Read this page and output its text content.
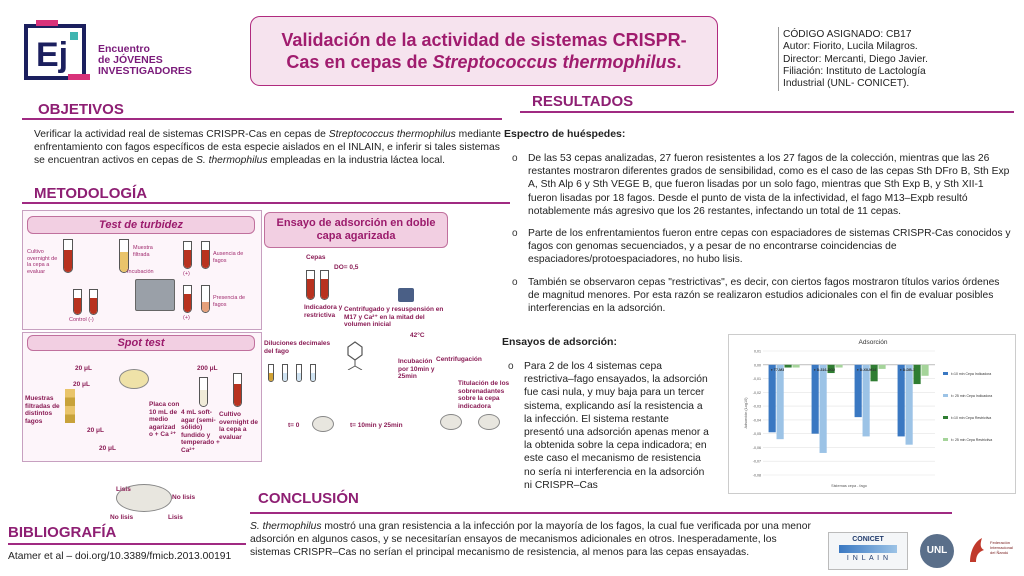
Ej	Encuentro
de JÓVENES
INVESTIGADORES
Validación de la actividad de sistemas CRISPR-
Cas en cepas de Streptococcus thermophilus.
CÓDIGO ASIGNADO: CB17
Autor: Fiorito, Lucila Milagros.
Director: Mercanti, Diego Javier.
Filiación: Instituto de Lactología
Industrial (UNL- CONICET).
OBJETIVOS
Verificar la actividad real de sistemas CRISPR-Cas en cepas de Streptococcus thermophilus mediante enfrentamiento con fagos específicos de esta especie aislados en el INLAIN, e inferir si tales sistemas se encuentran activos en cepas de S. thermophilus empleadas en la industria láctea local.
METODOLOGÍA
Test de turbidez
Cultivo overnight de la cepa a evaluar
Muestra filtrada
Incubación
Ausencia de fagos
Presencia de fagos
Control (-)
(+)
(+)
Ensayo de adsorción en doble capa agarizada
Cepas
DO= 0,5
Indicadora y restrictiva
Centrifugado y resuspensión en M17 y Ca²⁺ en la mitad del volumen inicial
Diluciones decimales del fago
42°C
Incubación por 10min y 25min
Centrifugación
Titulación de los sobrenadantes sobre la cepa indicadora
t= 0	t= 10min y 25min
Spot test
20 μL
20 μL
20 μL
20 μL
200 μL
Muestras filtradas de distintos fagos
Placa con 10 mL de medio agarizad o + Ca ²⁺
4 mL soft-agar (semi-sólido) fundido y temperado + Ca²⁺
Cultivo overnight de la cepa a evaluar
Lisis
No lisis
No lisis	Lisis
BIBLIOGRAFÍA
Atamer et al – doi.org/10.3389/fmicb.2013.00191
RESULTADOS
Espectro de huéspedes:
o De las 53 cepas analizadas, 27 fueron resistentes a los 27 fagos de la colección, mientras que las 26 restantes mostraron diferentes grados de sensibilidad, como es el caso de las cepas Sth DFro B, Sth Exp A, Sth Alp 6 y Sth VEGE B, que fueron lisadas por un solo fago, mientras que Sth Exp B, y Sth XII-1 fueron lisadas por 18 fagos. Desde el punto de vista de la infectividad, el fago M13–Expb resultó notablemente más agresivo que los 26 restantes, infectando un total de 11 cepas.
o Parte de los enfrentamientos fueron entre cepas con espaciadores de sistemas CRISPR-Cas conocidos y fagos con genomas secuenciados, y a pesar de no encontrarse coincidencias de espaciadores/protoespaciadores, no hubo lisis.
o También se observaron cepas "restrictivas", es decir, con ciertos fagos mostraron títulos varios órdenes de magnitud menores. Por esta razón se realizaron estudios adicionales con el fin de evaluar posibles interferencias en la adsorción.
Ensayos de adsorción:
o Para 2 de los 4 sistemas cepa restrictiva–fago ensayados, la adsorción fue casi nula, y muy baja para un tercer sistema, explicando así la resistencia a la infección. El sistema restante presentó una adsorción apenas menor a la obtenida sobre la cepa indicadora; en este caso el mecanismo de resistencia no sería ni interferencia en la adsorción ni CRISPR–Cas
Adsorción
0,01
0,00
-0,01
-0,02
-0,03
-0,04
-0,05
-0,06
-0,07
-0,08
Adsorción (Log10)
Sistemas cepa - fago
● T7-M3	● D-316-DG2	● D-XII-M14	● D-DB-1
t=10 min Cepa Indicadora
t= 25 min Cepa Indicadora
t=10 min Cepa Restrictiva
t= 25 min Cepa Restrictiva
CONCLUSIÓN
S. thermophilus mostró una gran resistencia a la infección por la mayoría de los fagos, la cual fue verificada por una menor adsorción en algunos casos, y se necesitarían ensayos de mecanismos adicionales en otros. Inesperadamente, los sistemas CRISPR–Cas no serían el principal mecanismo de resistencia, al menos para las cepas ensayadas.
CONICET
I N L A I N
UNL
Federación Internacional del Ñandú
